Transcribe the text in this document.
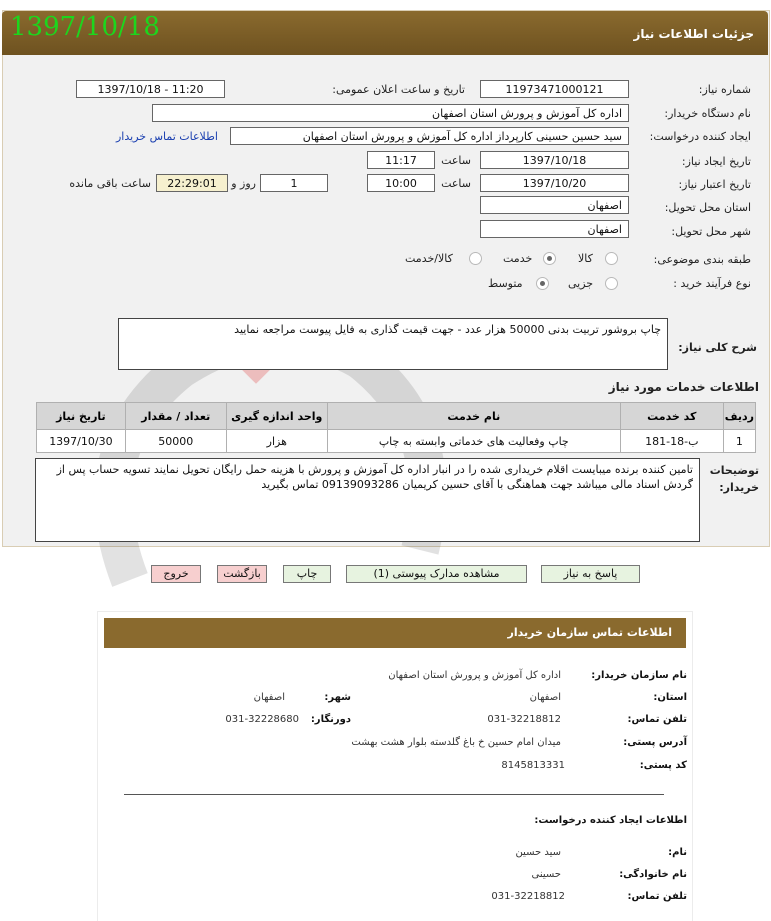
جزئیات اطلاعات نیاز
1397/10/18
شماره نیاز:
1197347100012‌1
تاریخ و ساعت اعلان عمومی:
1397/10/18 - 11:20
نام دستگاه خریدار:
اداره کل آموزش و پرورش استان اصفهان
ایجاد کننده درخواست:
سید حسین حسینی کارپرداز اداره کل آموزش و پرورش استان اصفهان
اطلاعات تماس خریدار
تاریخ ایجاد نیاز:
1397/10/18
ساعت
11:17
تاریخ اعتبار نیاز:
1397/10/20
ساعت
10:00
1
روز و
22:29:01
ساعت باقی مانده
استان محل تحویل:
اصفهان
شهر محل تحویل:
اصفهان
طبقه بندی موضوعی:
کالا
خدمت
کالا/خدمت
نوع فرآیند خرید :
جزیی
متوسط
شرح کلی نیاز:
چاپ بروشور تربیت بدنی 50000 هزار عدد - جهت قیمت گذاری به فایل پیوست مراجعه نمایید
اطلاعات خدمات مورد نیاز
ردیف	کد خدمت	نام خدمت	واحد اندازه گیری	تعداد / مقدار	تاریخ نیاز
1	ب-18-181	چاپ وفعالیت های خدماتی وابسته به چاپ	هزار	50000	1397/10/30
توضیحات خریدار:
تامین کننده برنده میبایست اقلام خریداری شده را در انبار اداره کل آموزش و پرورش با هزینه حمل رایگان تحویل نمایند تسویه حساب پس از گردش اسناد مالی میباشد جهت هماهنگی با آقای حسین کریمیان 09139093286 تماس بگیرید
پاسخ به نیاز
مشاهده مدارک پیوستی (1)
چاپ
بازگشت
خروج
اطلاعات تماس سازمان خریدار
نام سازمان خریدار:
اداره کل آموزش و پرورش استان اصفهان
استان:
اصفهان
شهر:
اصفهان
تلفن تماس:
031-32218812
دورنگار:
031-32228680
آدرس پستی:
میدان امام حسین خ باغ گلدسته بلوار هشت بهشت
کد پستی:
8145813331
اطلاعات ایجاد کننده درخواست:
نام:
سید حسین
نام خانوادگی:
حسینی
تلفن تماس:
031-32218812
